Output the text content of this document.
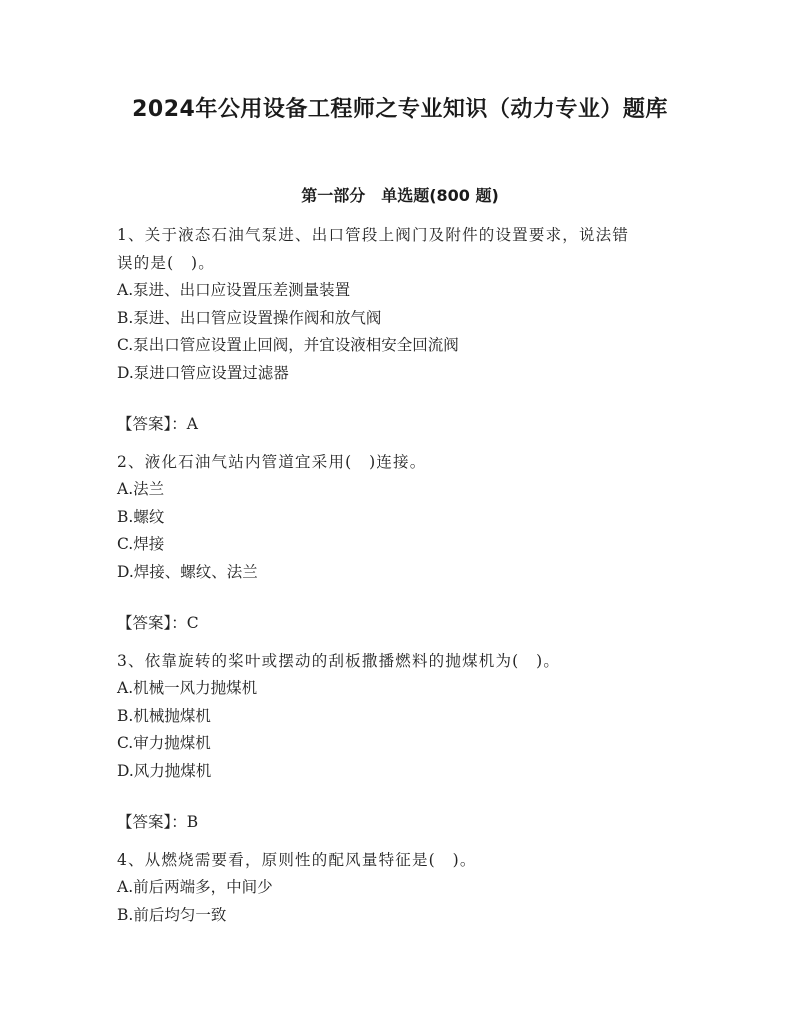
2024年公用设备工程师之专业知识（动力专业）题库
第一部分　单选题(800 题)
1、关于液态石油气泵进、出口管段上阀门及附件的设置要求，说法错
误的是(　)。
A.泵进、出口应设置压差测量装置
B.泵进、出口管应设置操作阀和放气阀
C.泵出口管应设置止回阀，并宜设液相安全回流阀
D.泵进口管应设置过滤器
【答案】：A
2、液化石油气站内管道宜采用(　)连接。
A.法兰
B.螺纹
C.焊接
D.焊接、螺纹、法兰
【答案】：C
3、依靠旋转的桨叶或摆动的刮板撒播燃料的抛煤机为(　)。
A.机械一风力抛煤机
B.机械抛煤机
C.审力抛煤机
D.风力抛煤机
【答案】：B
4、从燃烧需要看，原则性的配风量特征是(　)。
A.前后两端多，中间少
B.前后均匀一致
